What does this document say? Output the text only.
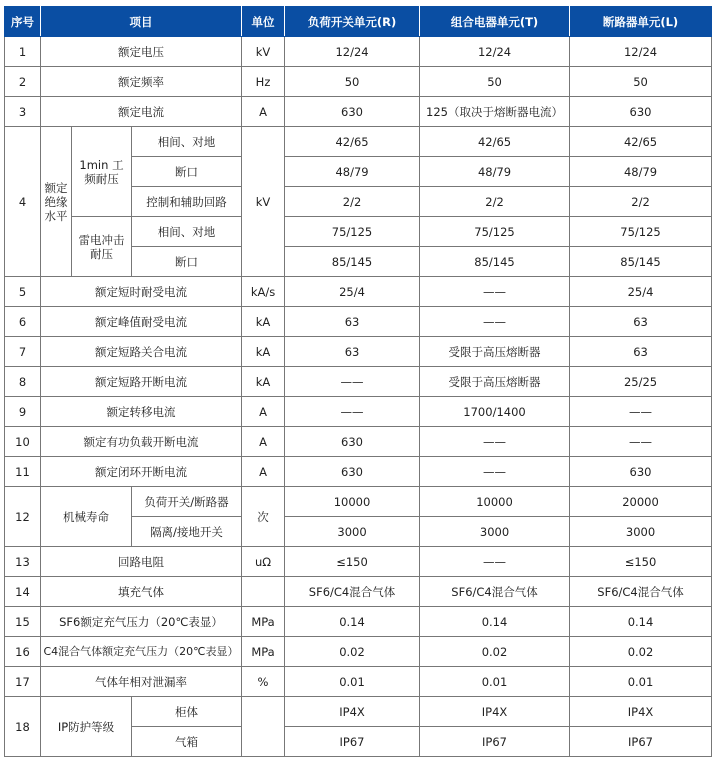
序号	项目			单位	负荷开关单元(R)	组合电器单元(T)	断路器单元(L)
1	额定电压			kV	12/24	12/24	12/24
2	额定频率			Hz	50	50	50
3	额定电流			A	630	125（取决于熔断器电流）	630
4	额定绝缘水平	1min 工频耐压	相间、对地	kV	42/65	42/65	42/65
			断口		48/79	48/79	48/79
			控制和辅助回路		2/2	2/2	2/2
		雷电冲击耐压	相间、对地		75/125	75/125	75/125
			断口		85/145	85/145	85/145
5	额定短时耐受电流			kA/s	25/4	——	25/4
6	额定峰值耐受电流			kA	63	——	63
7	额定短路关合电流			kA	63	受限于高压熔断器	63
8	额定短路开断电流			kA	——	受限于高压熔断器	25/25
9	额定转移电流			A	——	1700/1400	——
10	额定有功负载开断电流			A	630	——	——
11	额定闭环开断电流			A	630	——	630
12	机械寿命		负荷开关/断路器	次	10000	10000	20000
			隔离/接地开关		3000	3000	3000
13	回路电阻			uΩ	≤150	——	≤150
14	填充气体				SF6/C4混合气体	SF6/C4混合气体	SF6/C4混合气体
15	SF6额定充气压力（20℃表显）			MPa	0.14	0.14	0.14
16	C4混合气体额定充气压力（20℃表显）			MPa	0.02	0.02	0.02
17	气体年相对泄漏率			%	0.01	0.01	0.01
18	IP防护等级		柜体		IP4X	IP4X	IP4X
			气箱		IP67	IP67	IP67
